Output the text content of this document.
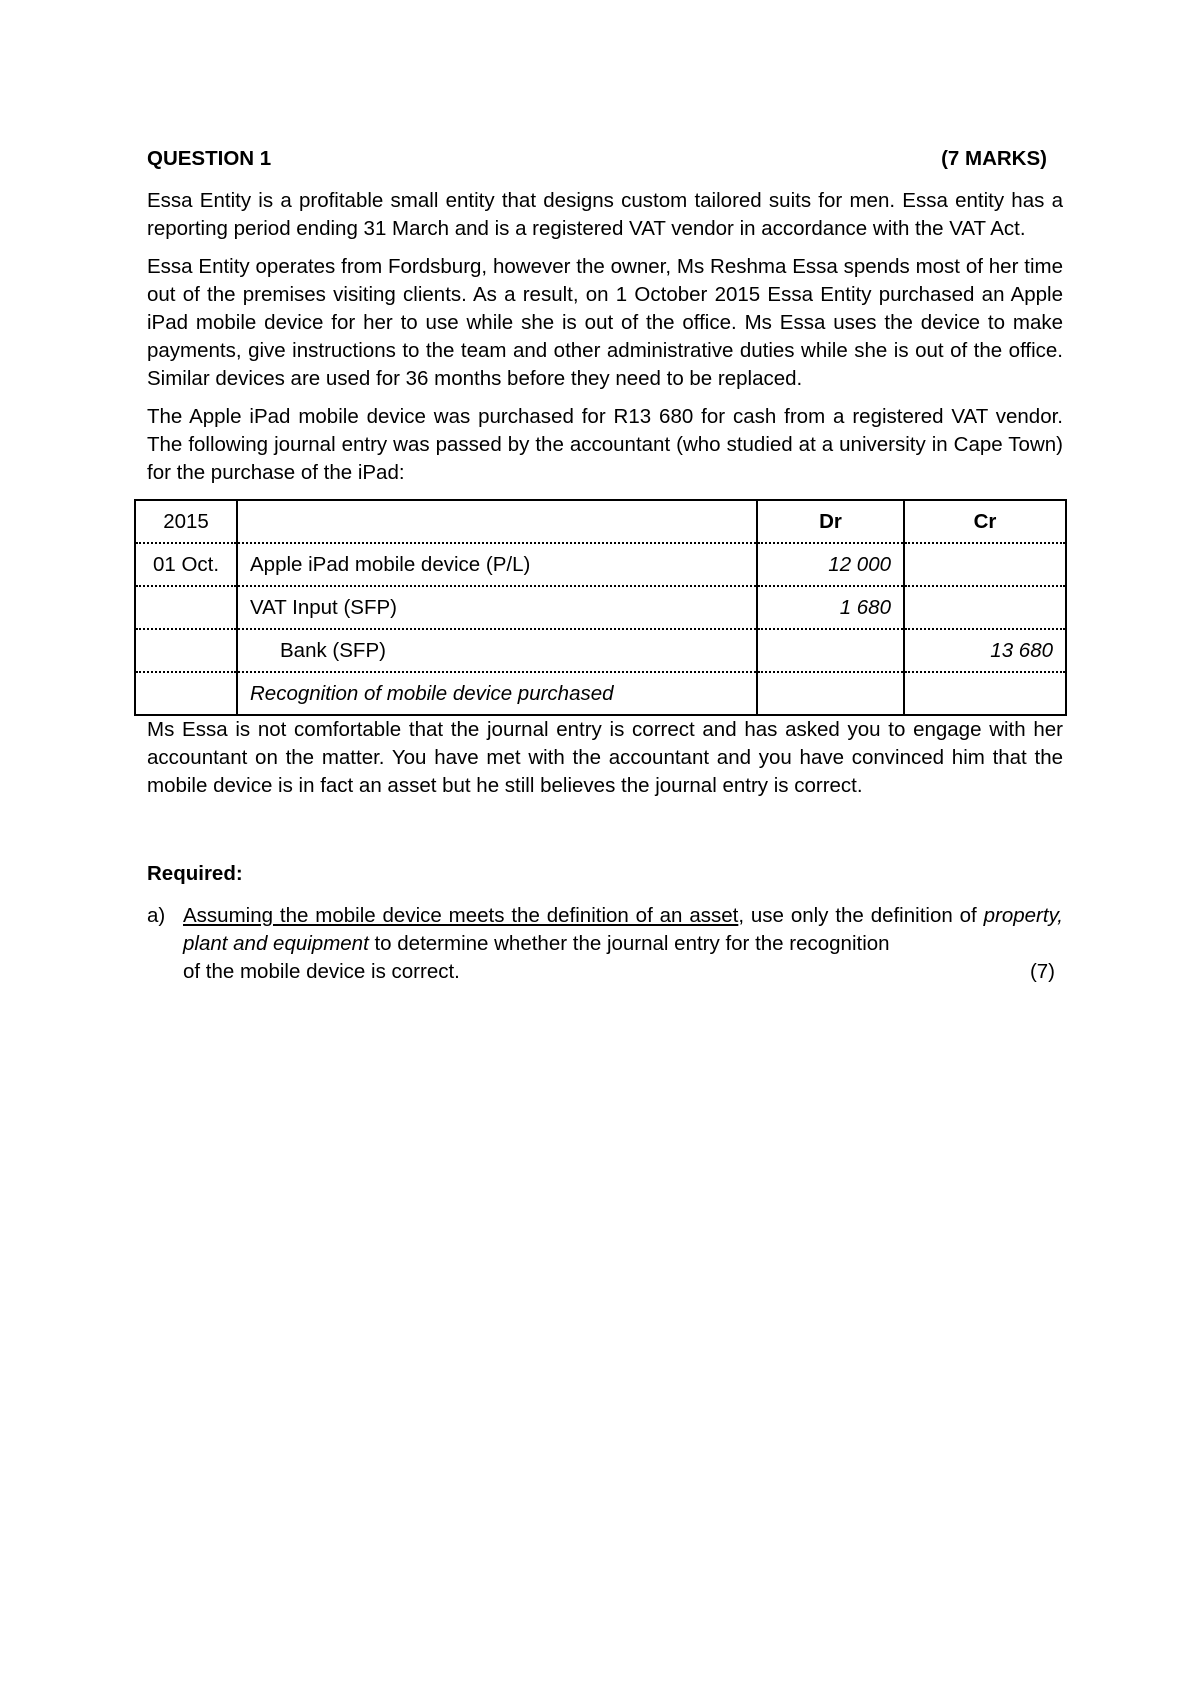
QUESTION 1	(7 MARKS)

Essa Entity is a profitable small entity that designs custom tailored suits for men. Essa entity has a reporting period ending 31 March and is a registered VAT vendor in accordance with the VAT Act.

Essa Entity operates from Fordsburg, however the owner, Ms Reshma Essa spends most of her time out of the premises visiting clients. As a result, on 1 October 2015 Essa Entity purchased an Apple iPad mobile device for her to use while she is out of the office. Ms Essa uses the device to make payments, give instructions to the team and other administrative duties while she is out of the office. Similar devices are used for 36 months before they need to be replaced.

The Apple iPad mobile device was purchased for R13 680 for cash from a registered VAT vendor. The following journal entry was passed by the accountant (who studied at a university in Cape Town) for the purchase of the iPad:

2015		Dr	Cr
01 Oct.	Apple iPad mobile device (P/L)	12 000	
	VAT Input (SFP)	1 680	
	Bank (SFP)		13 680
	Recognition of mobile device purchased		

Ms Essa is not comfortable that the journal entry is correct and has asked you to engage with her accountant on the matter. You have met with the accountant and you have convinced him that the mobile device is in fact an asset but he still believes the journal entry is correct.

Required:
a) Assuming the mobile device meets the definition of an asset, use only the definition of property, plant and equipment to determine whether the journal entry for the recognition
of the mobile device is correct.	(7)
